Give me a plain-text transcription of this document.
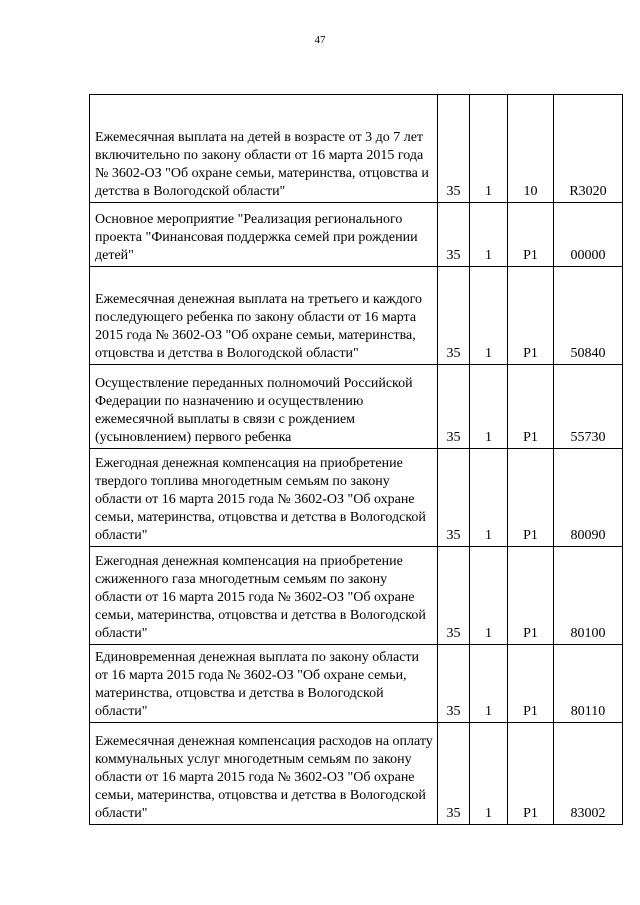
47
Ежемесячная выплата на детей в возрасте от 3 до 7 лет включительно по закону области от 16 марта 2015 года № 3602-ОЗ "Об охране семьи, материнства, отцовства и детства в Вологодской области"	35	1	10	R3020
Основное мероприятие "Реализация регионального проекта "Финансовая поддержка семей при рождении детей"	35	1	P1	00000
Ежемесячная денежная выплата на третьего и каждого последующего ребенка по закону области от 16 марта 2015 года № 3602-ОЗ "Об охране семьи, материнства, отцовства и детства в Вологодской области"	35	1	P1	50840
Осуществление переданных полномочий Российской Федерации по назначению и осуществлению ежемесячной выплаты в связи с рождением (усыновлением) первого ребенка	35	1	P1	55730
Ежегодная денежная компенсация на приобретение твердого топлива многодетным семьям по закону области от 16 марта 2015 года № 3602-ОЗ "Об охране семьи, материнства, отцовства и детства в Вологодской области"	35	1	P1	80090
Ежегодная денежная компенсация на приобретение сжиженного газа многодетным семьям по закону области от 16 марта 2015 года № 3602-ОЗ "Об охране семьи, материнства, отцовства и детства в Вологодской области"	35	1	P1	80100
Единовременная денежная выплата по закону области от 16 марта 2015 года № 3602-ОЗ "Об охране семьи, материнства, отцовства и детства в Вологодской области"	35	1	P1	80110
Ежемесячная денежная компенсация расходов на оплату коммунальных услуг многодетным семьям по закону области от 16 марта 2015 года № 3602-ОЗ "Об охране семьи, материнства, отцовства и детства в Вологодской области"	35	1	P1	83002
